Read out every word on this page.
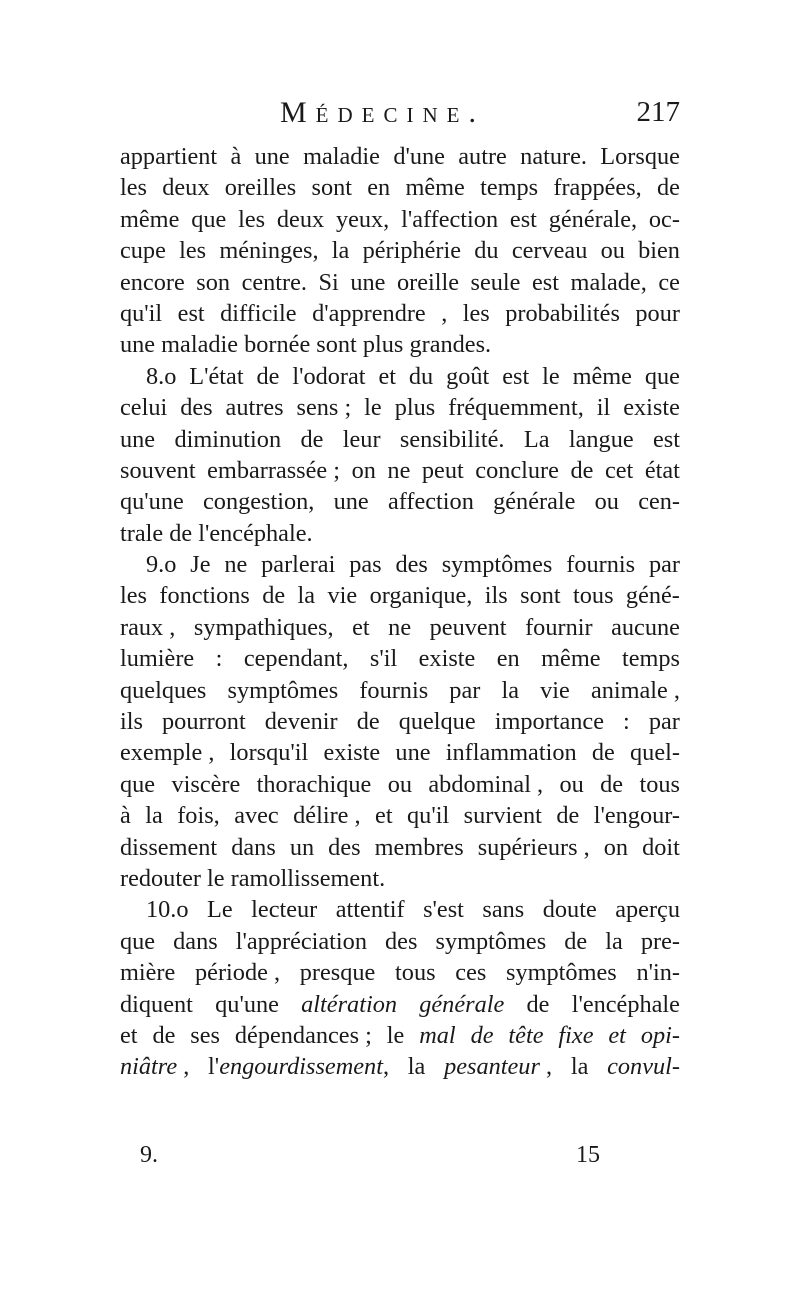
Médecine.	217
appartient à une maladie d'une autre nature. Lorsque
les deux oreilles sont en même temps frappées, de
même que les deux yeux, l'affection est générale, oc-
cupe les méninges, la périphérie du cerveau ou bien
encore son centre. Si une oreille seule est malade, ce
qu'il est difficile d'apprendre , les probabilités pour
une maladie bornée sont plus grandes.
8.o L'état de l'odorat et du goût est le même que
celui des autres sens ; le plus fréquemment, il existe
une diminution de leur sensibilité. La langue est
souvent embarrassée ; on ne peut conclure de cet état
qu'une congestion, une affection générale ou cen-
trale de l'encéphale.
9.o Je ne parlerai pas des symptômes fournis par
les fonctions de la vie organique, ils sont tous géné-
raux , sympathiques, et ne peuvent fournir aucune
lumière : cependant, s'il existe en même temps
quelques symptômes fournis par la vie animale ,
ils pourront devenir de quelque importance : par
exemple , lorsqu'il existe une inflammation de quel-
que viscère thorachique ou abdominal , ou de tous
à la fois, avec délire , et qu'il survient de l'engour-
dissement dans un des membres supérieurs , on doit
redouter le ramollissement.
10.o Le lecteur attentif s'est sans doute aperçu
que dans l'appréciation des symptômes de la pre-
mière période , presque tous ces symptômes n'in-
diquent qu'une altération générale de l'encéphale
et de ses dépendances ; le mal de tête fixe et opi-
niâtre , l'engourdissement, la pesanteur , la convul-
9.	15
